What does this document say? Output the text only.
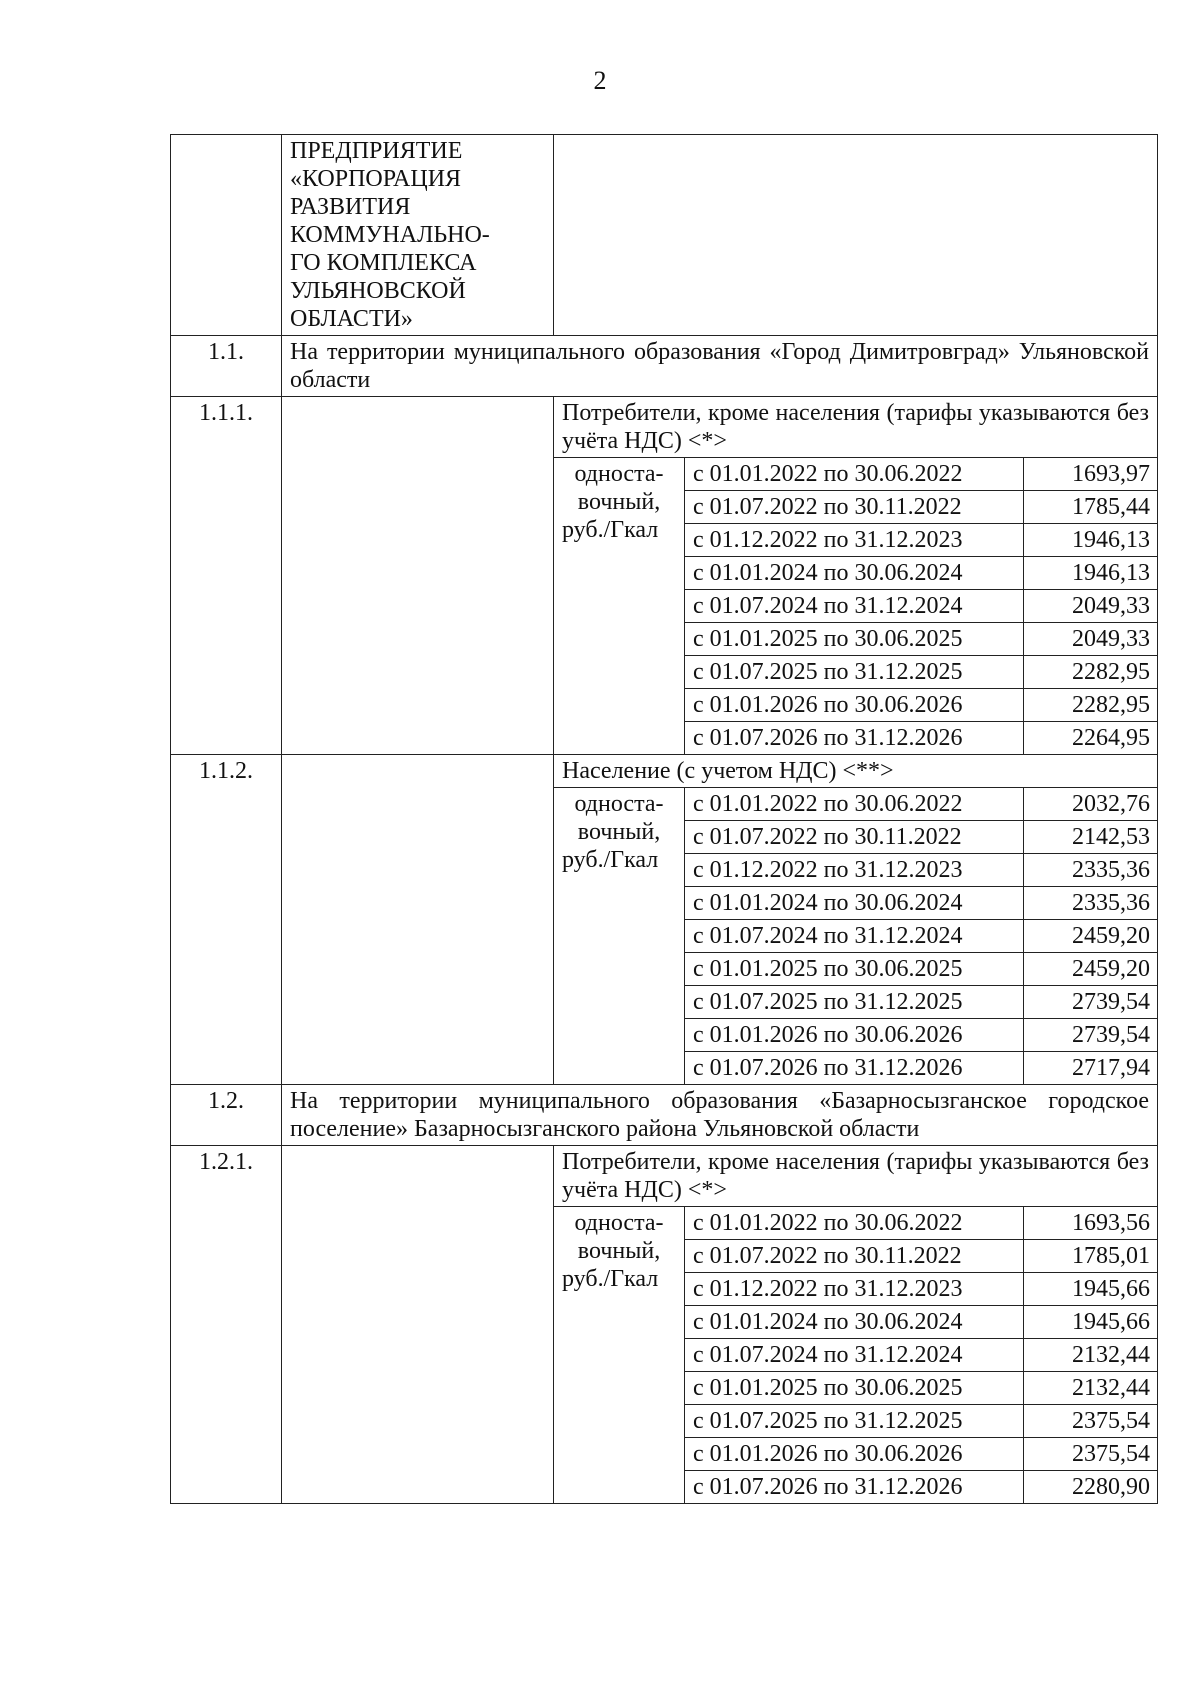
2

ПРЕДПРИЯТИЕ
«КОРПОРАЦИЯ
РАЗВИТИЯ
КОММУНАЛЬНО-
ГО КОМПЛЕКСА
УЛЬЯНОВСКОЙ
ОБЛАСТИ»

1.1.	На территории муниципального образования «Город Димитровград» Ульяновской области
1.1.1.		Потребители, кроме населения (тарифы указываются без учёта НДС) <*>

односта-
вочный,
руб./Гкал

с 01.01.2022 по 30.06.2022	1693,97
с 01.07.2022 по 30.11.2022	1785,44
с 01.12.2022 по 31.12.2023	1946,13
с 01.01.2024 по 30.06.2024	1946,13
с 01.07.2024 по 31.12.2024	2049,33
с 01.01.2025 по 30.06.2025	2049,33
с 01.07.2025 по 31.12.2025	2282,95
с 01.01.2026 по 30.06.2026	2282,95
с 01.07.2026 по 31.12.2026	2264,95

1.1.2.		Население (с учетом НДС) <**>

односта-
вочный,
руб./Гкал

с 01.01.2022 по 30.06.2022	2032,76
с 01.07.2022 по 30.11.2022	2142,53
с 01.12.2022 по 31.12.2023	2335,36
с 01.01.2024 по 30.06.2024	2335,36
с 01.07.2024 по 31.12.2024	2459,20
с 01.01.2025 по 30.06.2025	2459,20
с 01.07.2025 по 31.12.2025	2739,54
с 01.01.2026 по 30.06.2026	2739,54
с 01.07.2026 по 31.12.2026	2717,94

1.2.	На территории муниципального образования «Базарносызганское городское поселение» Базарносызганского района Ульяновской области
1.2.1.		Потребители, кроме населения (тарифы указываются без учёта НДС) <*>

односта-
вочный,
руб./Гкал

с 01.01.2022 по 30.06.2022	1693,56
с 01.07.2022 по 30.11.2022	1785,01
с 01.12.2022 по 31.12.2023	1945,66
с 01.01.2024 по 30.06.2024	1945,66
с 01.07.2024 по 31.12.2024	2132,44
с 01.01.2025 по 30.06.2025	2132,44
с 01.07.2025 по 31.12.2025	2375,54
с 01.01.2026 по 30.06.2026	2375,54
с 01.07.2026 по 31.12.2026	2280,90
